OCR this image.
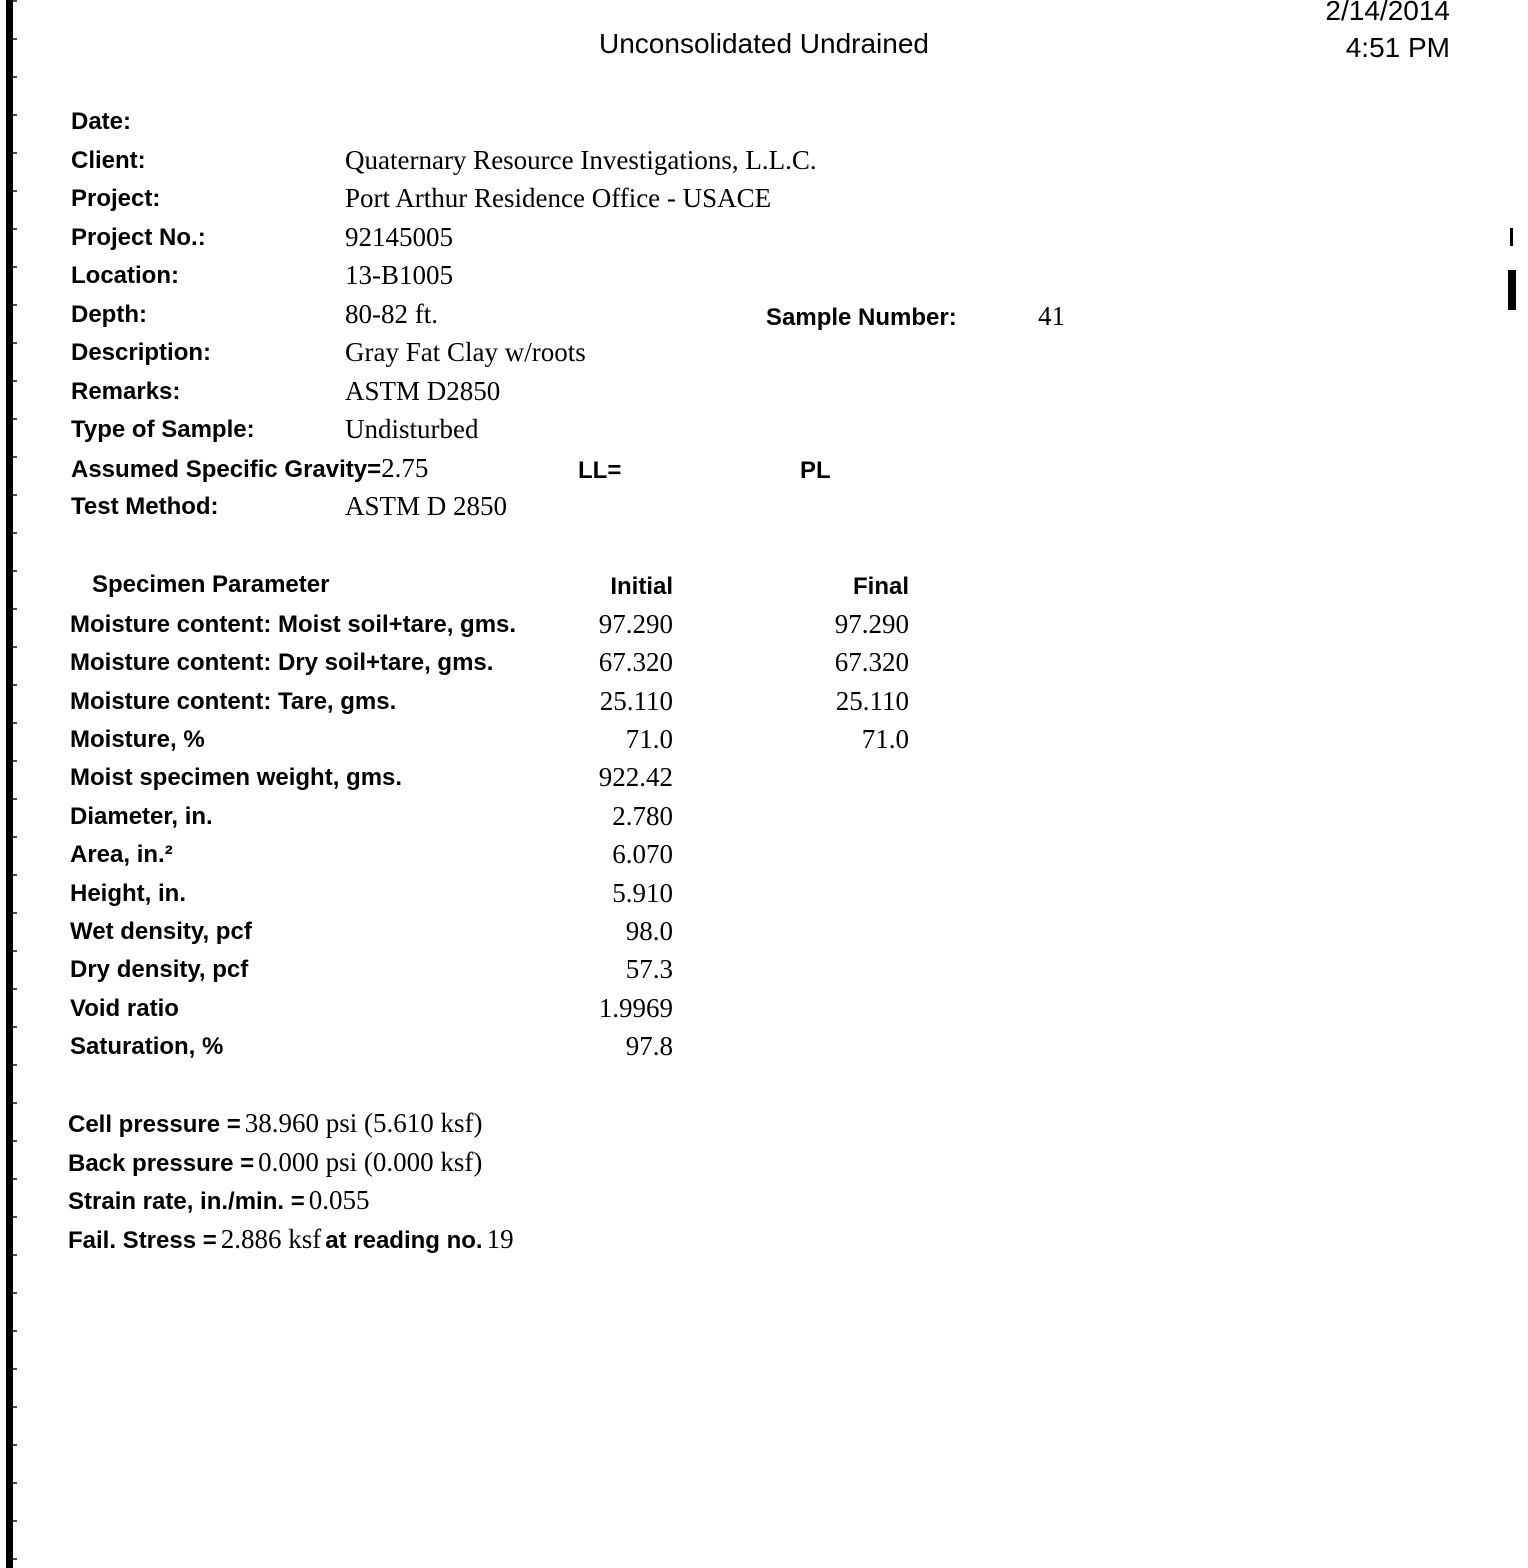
Unconsolidated Undrained
2/14/2014
4:51 PM
Date:
Client:	Quaternary Resource Investigations, L.L.C.
Project:	Port Arthur Residence Office - USACE
Project No.:	92145005
Location:	13-B1005
Depth:	80-82 ft.	Sample Number:	41
Description:	Gray Fat Clay w/roots
Remarks:	ASTM D2850
Type of Sample:	Undisturbed
Assumed Specific Gravity=2.75	LL=	PL
Test Method:	ASTM D 2850
Specimen Parameter	Initial	Final
Moisture content: Moist soil+tare, gms.	97.290	97.290
Moisture content: Dry soil+tare, gms.	67.320	67.320
Moisture content: Tare, gms.	25.110	25.110
Moisture, %	71.0	71.0
Moist specimen weight, gms.	922.42
Diameter, in.	2.780
Area, in.²	6.070
Height, in.	5.910
Wet density, pcf	98.0
Dry density, pcf	57.3
Void ratio	1.9969
Saturation, %	97.8
Cell pressure = 38.960 psi (5.610 ksf)
Back pressure = 0.000 psi (0.000 ksf)
Strain rate, in./min. = 0.055
Fail. Stress = 2.886 ksf at reading no. 19
